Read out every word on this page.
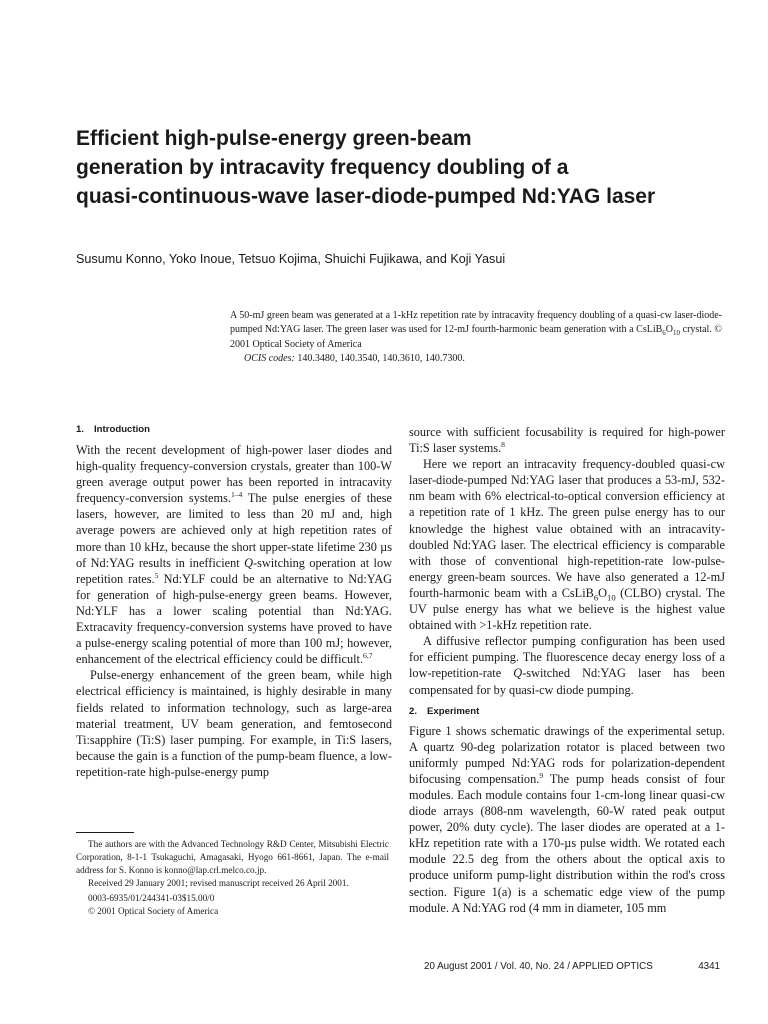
Efficient high-pulse-energy green-beam
generation by intracavity frequency doubling of a
quasi-continuous-wave laser-diode-pumped Nd:YAG laser
Susumu Konno, Yoko Inoue, Tetsuo Kojima, Shuichi Fujikawa, and Koji Yasui
A 50-mJ green beam was generated at a 1-kHz repetition rate by intracavity frequency doubling of a quasi-cw laser-diode-pumped Nd:YAG laser. The green laser was used for 12-mJ fourth-harmonic beam generation with a $CsLiB_6O_{10}$ crystal. © 2001 Optical Society of America
OCIS codes: 140.3480, 140.3540, 140.3610, 140.7300.
1. Introduction

With the recent development of high-power laser diodes and high-quality frequency-conversion crystals, greater than 100-W green average output power has been reported in intracavity frequency-conversion systems.$^{1-4}$ The pulse energies of these lasers, however, are limited to less than 20 mJ and, high average powers are achieved only at high repetition rates of more than 10 kHz, because the short upper-state lifetime 230 µs of Nd:YAG results in inefficient Q-switching operation at low repetition rates.$^5$ Nd:YLF could be an alternative to Nd:YAG for generation of high-pulse-energy green beams. However, Nd:YLF has a lower scaling potential than Nd:YAG. Extracavity frequency-conversion systems have proved to have a pulse-energy scaling potential of more than 100 mJ; however, enhancement of the electrical efficiency could be difficult.$^{6,7}$

Pulse-energy enhancement of the green beam, while high electrical efficiency is maintained, is highly desirable in many fields related to information technology, such as large-area material treatment, UV beam generation, and femtosecond Ti:sapphire (Ti:S) laser pumping. For example, in Ti:S lasers, because the gain is a function of the pump-beam fluence, a low-repetition-rate high-pulse-energy pump

source with sufficient focusability is required for high-power Ti:S laser systems.$^8$

Here we report an intracavity frequency-doubled quasi-cw laser-diode-pumped Nd:YAG laser that produces a 53-mJ, 532-nm beam with 6% electrical-to-optical conversion efficiency at a repetition rate of 1 kHz. The green pulse energy has to our knowledge the highest value obtained with an intracavity-doubled Nd:YAG laser. The electrical efficiency is comparable with those of conventional high-repetition-rate low-pulse-energy green-beam sources. We have also generated a 12-mJ fourth-harmonic beam with a $CsLiB_6O_{10}$ (CLBO) crystal. The UV pulse energy has what we believe is the highest value obtained with >1-kHz repetition rate.

A diffusive reflector pumping configuration has been used for efficient pumping. The fluorescence decay energy loss of a low-repetition-rate Q-switched Nd:YAG laser has been compensated for by quasi-cw diode pumping.

2. Experiment

Figure 1 shows schematic drawings of the experimental setup. A quartz 90-deg polarization rotator is placed between two uniformly pumped Nd:YAG rods for polarization-dependent bifocusing compensation.$^9$ The pump heads consist of four modules. Each module contains four 1-cm-long linear quasi-cw diode arrays (808-nm wavelength, 60-W rated peak output power, 20% duty cycle). The laser diodes are operated at a 1-kHz repetition rate with a 170-µs pulse width. We rotated each module 22.5 deg from the others about the optical axis to produce uniform pump-light distribution within the rod's cross section. Figure 1(a) is a schematic edge view of the pump module. A Nd:YAG rod (4 mm in diameter, 105 mm

The authors are with the Advanced Technology R&D Center, Mitsubishi Electric Corporation, 8-1-1 Tsukaguchi, Amagasaki, Hyogo 661-8661, Japan. The e-mail address for S. Konno is konno@lap.crl.melco.co.jp.

Received 29 January 2001; revised manuscript received 26 April 2001.

0003-6935/01/244341-03$15.00/0

© 2001 Optical Society of America

20 August 2001 / Vol. 40, No. 24 / APPLIED OPTICS	4341
